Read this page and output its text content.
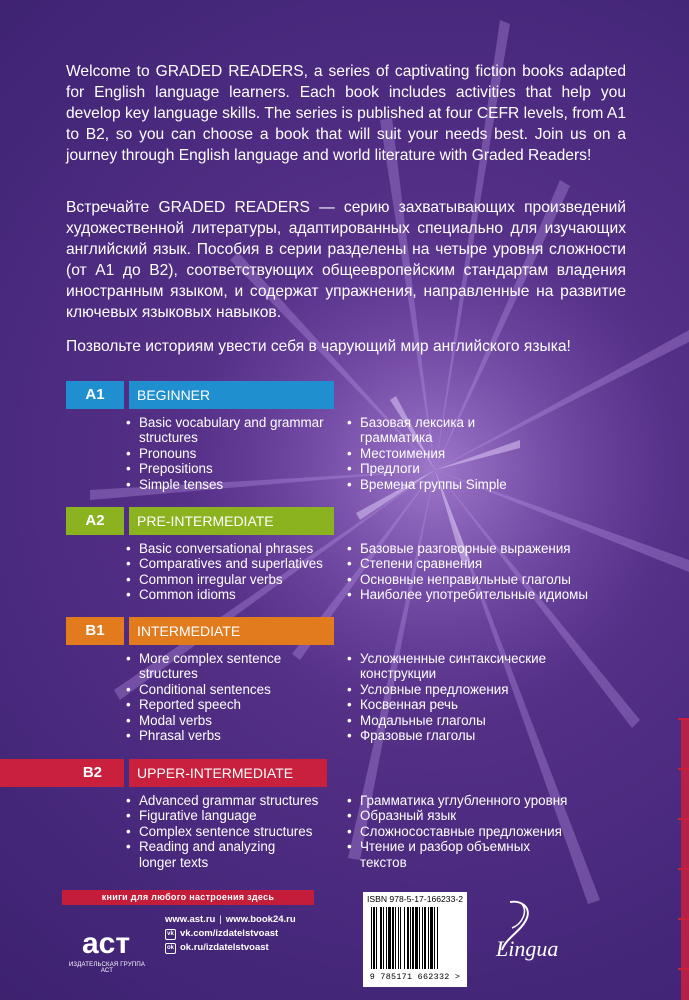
Welcome to GRADED READERS, a series of captivating fiction books adapted for English language learners. Each book includes activities that help you develop key language skills. The series is published at four CEFR levels, from A1 to B2, so you can choose a book that will suit your needs best. Join us on a journey through English language and world literature with Graded Readers!

Встречайте GRADED READERS — серию захватывающих произведений художественной литературы, адаптированных специально для изучающих английский язык. Пособия в серии разделены на четыре уровня сложности (от A1 до B2), соответствующих общеевропейским стандартам владения иностранным языком, и содержат упражнения, направленные на развитие ключевых языковых навыков.

Позвольте историям увести себя в чарующий мир английского языка!

A1	BEGINNER
• Basic vocabulary and grammar structures
• Pronouns
• Prepositions
• Simple tenses
• Базовая лексика и грамматика
• Местоимения
• Предлоги
• Времена группы Simple
A2	PRE-INTERMEDIATE
• Basic conversational phrases
• Comparatives and superlatives
• Common irregular verbs
• Common idioms
• Базовые разговорные выражения
• Степени сравнения
• Основные неправильные глаголы
• Наиболее употребительные идиомы
B1	INTERMEDIATE
• More complex sentence structures
• Conditional sentences
• Reported speech
• Modal verbs
• Phrasal verbs
• Усложненные синтаксические конструкции
• Условные предложения
• Косвенная речь
• Модальные глаголы
• Фразовые глаголы
B2	UPPER-INTERMEDIATE
• Advanced grammar structures
• Figurative language
• Complex sentence structures
• Reading and analyzing longer texts
• Грамматика углубленного уровня
• Образный язык
• Сложносоставные предложения
• Чтение и разбор объемных текстов
книги для любого настроения здесь
аст
ИЗДАТЕЛЬСКАЯ ГРУППА АСТ
www.ast.ru | www.book24.ru
vk vk.com/izdatelstvoast
ok ok.ru/izdatelstvoast
ISBN 978-5-17-166233-2
9 785171 662332 >
Lingua
